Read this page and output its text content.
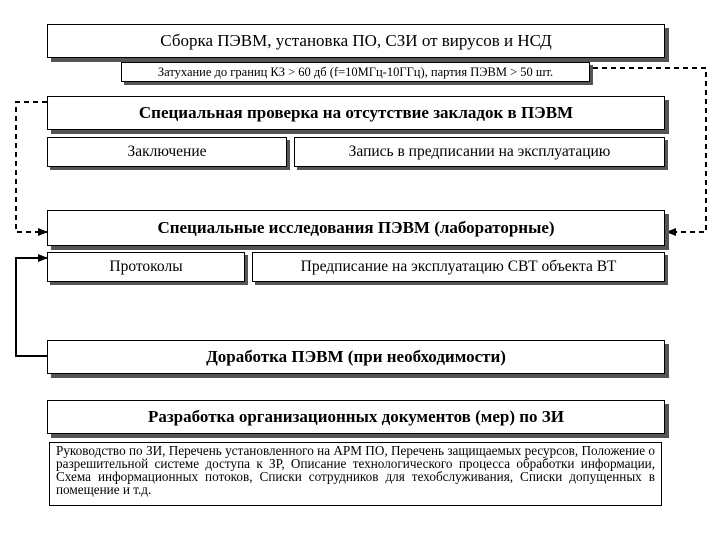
Сборка ПЭВМ, установка ПО, СЗИ от вирусов и НСД
Затухание до границ КЗ > 60 дб (f=10МГц-10ГГц), партия ПЭВМ > 50 шт.
Специальная проверка на отсутствие закладок в ПЭВМ
Заключение	Запись в предписании на эксплуатацию
Специальные исследования ПЭВМ (лабораторные)
Протоколы	Предписание на эксплуатацию СВТ объекта ВТ
Доработка ПЭВМ (при необходимости)
Разработка организационных документов (мер) по ЗИ
Руководство по ЗИ, Перечень установленного на АРМ ПО, Перечень защищаемых ресурсов, Положение о разрешительной системе доступа к ЗР, Описание технологического процесса обработки информации, Схема информационных потоков, Списки сотрудников для техобслуживания, Списки допущенных в помещение и т.д.
